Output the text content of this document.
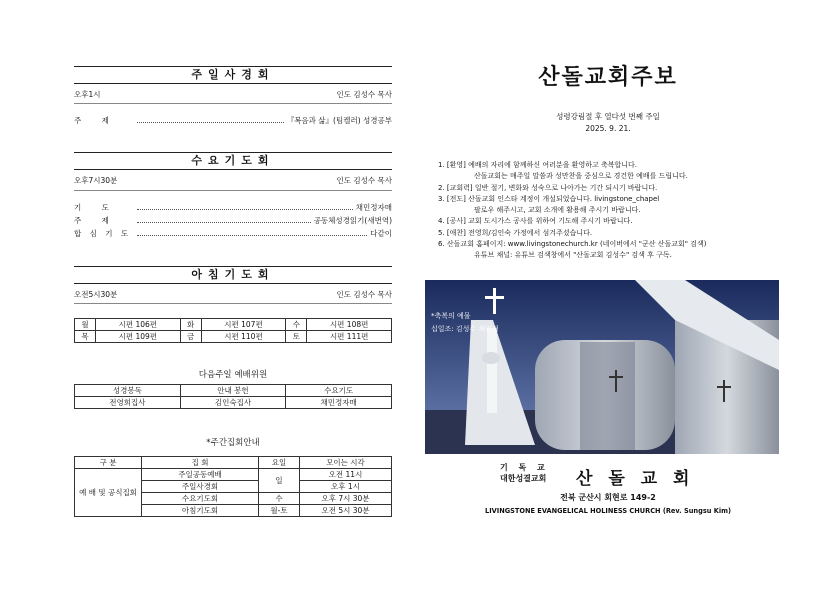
주일사경회
오후1시	인도 김성수 목사
주 제	『복음과 삶』(팀켈러) 성경공부
수요기도회
오후7시30분	인도 김성수 목사
기 도	채민정자매
주 제	공동체성경읽기(새번역)
합 심 기 도	다같이
아침기도회
오전5시30분	인도 김성수 목사
월	시편 106편	화	시편 107편	수	시편 108편
목	시편 109편	금	시편 110편	토	시편 111편
다음주일 예배위원
성경봉독	안내 봉헌	수요기도
전영희집사	김인숙집사	채민정자매
*주간집회안내
구 분	집 회	요일	모이는 시각
예 배 및 공식집회	주일공동예배	일	오전 11시
	주일사경회		오후 1시
	수요기도회	수	오후 7시 30분
	아침기도회	월-토	오전 5시 30분
산돌교회주보
성령강림절 후 열다섯 번째 주일
2025. 9. 21.
1. [환영] 예배의 자리에 함께하신 여러분을 환영하고 축복합니다.
산돌교회는 매주일 말씀과 성만찬을 중심으로 경건한 예배를 드립니다.
2. [교회력] 일반 절기, 변화와 성숙으로 나아가는 기간 되시기 바랍니다.
3. [전도] 산돌교회 인스타 계정이 개설되었습니다. livingstone_chapel
팔로우 해주시고, 교회 소개에 활용해 주시기 바랍니다.
4. [공사] 교회 도시가스 공사를 위하여 기도해 주시기 바랍니다.
5. [애찬] 전영희/김인숙 가정에서 섬겨주셨습니다.
6. 산돌교회 홈페이지: www.livingstonechurch.kr (네이버에서 "군산 산돌교회" 검색)
유튜브 채널: 유튜브 검색창에서 "산돌교회 김성수" 검색 후 구독.
*축복의 예물
십일조: 김성수 채민정
기 독 교
대한성결교회 산 돌 교 회
전북 군산시 회현로 149-2
LIVINGSTONE EVANGELICAL HOLINESS CHURCH (Rev. Sungsu Kim)
